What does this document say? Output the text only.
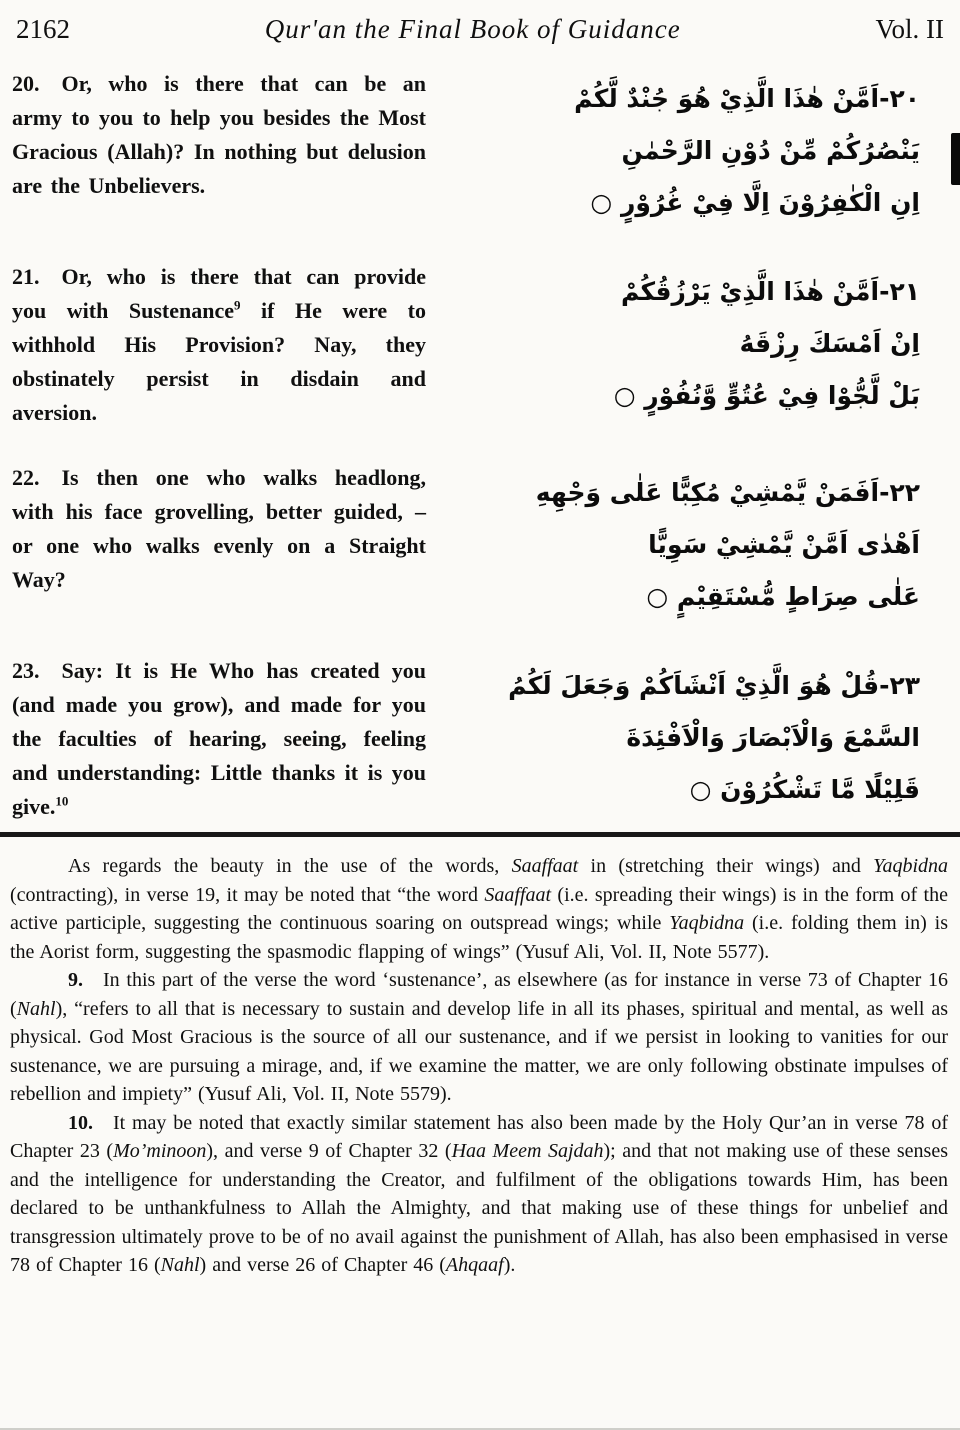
2162	Qur'an the Final Book of Guidance	Vol. II

20.  Or, who is there that can be an army to you to help you besides the Most Gracious (Allah)? In nothing but delusion are the Unbelievers.

۲۰-اَمَّنْ هٰذَا الَّذِيْ هُوَ جُنْدٌ لَّكُمْ
يَنْصُرُكُمْ مِّنْ دُوْنِ الرَّحْمٰنِ
اِنِ الْكٰفِرُوْنَ اِلَّا فِيْ غُرُوْرٍ ○

21.  Or, who is there that can provide you with Sustenance$^9$ if He were to withhold His Provision? Nay, they obstinately persist in disdain and aversion.

۲۱-اَمَّنْ هٰذَا الَّذِيْ يَرْزُقُكُمْ
اِنْ اَمْسَكَ رِزْقَهُ
بَلْ لَّجُّوْا فِيْ عُتُوٍّ وَّنُفُوْرٍ ○

22.  Is then one who walks headlong, with his face grovelling, better guided, – or one who walks evenly on a Straight Way?

۲۲-اَفَمَنْ يَّمْشِيْ مُكِبًّا عَلٰى وَجْهِهِ
اَهْدٰى اَمَّنْ يَّمْشِيْ سَوِيًّا
عَلٰى صِرَاطٍ مُّسْتَقِيْمٍ ○

23.  Say: It is He Who has created you (and made you grow), and made for you the faculties of hearing, seeing, feeling and understanding: Little thanks it is you give.$^{10}$

۲۳-قُلْ هُوَ الَّذِيْ اَنْشَاَكُمْ وَجَعَلَ لَكُمُ
السَّمْعَ وَالْاَبْصَارَ وَالْاَفْئِدَةَ
قَلِيْلًا مَّا تَشْكُرُوْنَ ○

As regards the beauty in the use of the words, Saaffaat in (stretching their wings) and Yaqbidna (contracting), in verse 19, it may be noted that “the word Saaffaat (i.e. spreading their wings) is in the form of the active participle, suggesting the continuous soaring on outspread wings; while Yaqbidna (i.e. folding them in) is the Aorist form, suggesting the spasmodic flapping of wings” (Yusuf Ali, Vol. II, Note 5577).

9.   In this part of the verse the word ‘sustenance’, as elsewhere (as for instance in verse 73 of Chapter 16 (Nahl), “refers to all that is necessary to sustain and develop life in all its phases, spiritual and mental, as well as physical. God Most Gracious is the source of all our sustenance, and if we persist in looking to vanities for our sustenance, we are pursuing a mirage, and, if we examine the matter, we are only following obstinate impulses of rebellion and impiety” (Yusuf Ali, Vol. II, Note 5579).

10.   It may be noted that exactly similar statement has also been made by the Holy Qur’an in verse 78 of Chapter 23 (Mo’minoon), and verse 9 of Chapter 32 (Haa Meem Sajdah); and that not making use of these senses and the intelligence for understanding the Creator, and fulfilment of the obligations towards Him, has been declared to be unthankfulness to Allah the Almighty, and that making use of these things for unbelief and transgression ultimately prove to be of no avail against the punishment of Allah, has also been emphasised in verse 78 of Chapter 16 (Nahl) and verse 26 of Chapter 46 (Ahqaaf).
